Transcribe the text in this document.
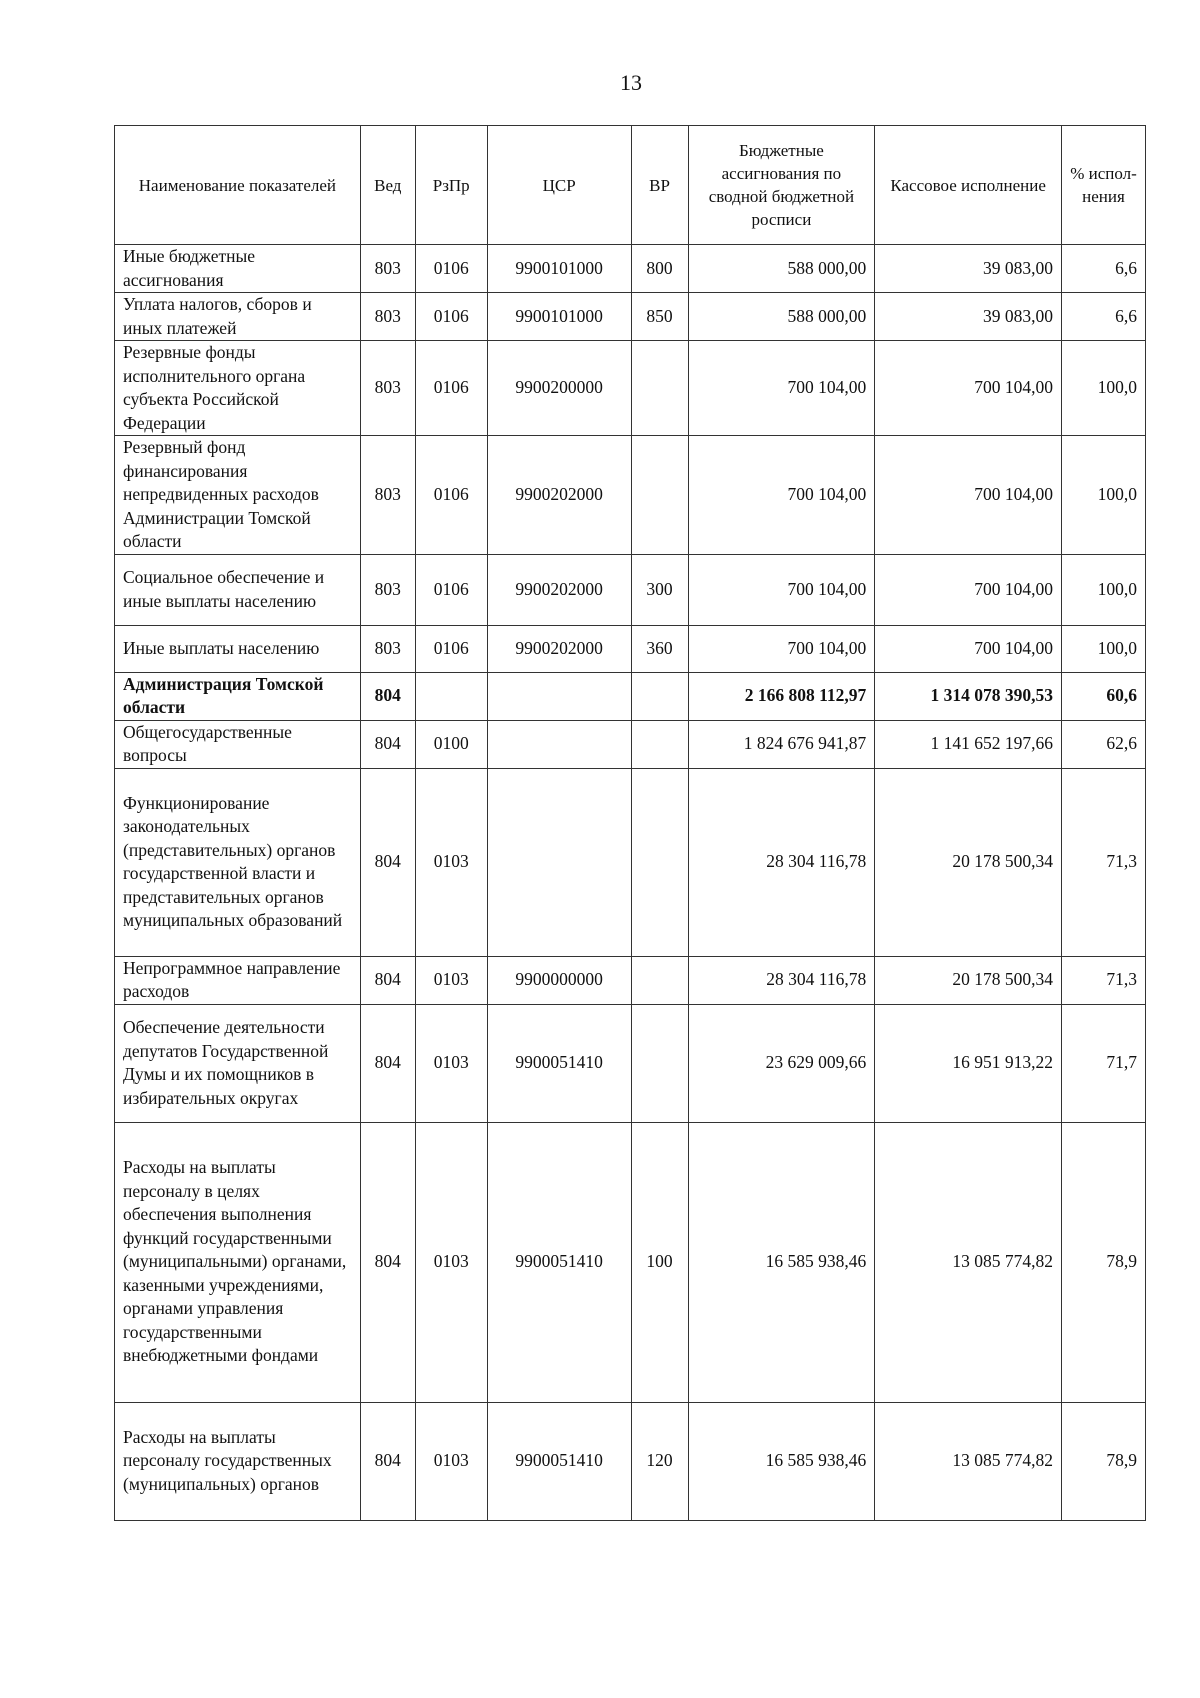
13
Наименование показателей	Вед	РзПр	ЦСР	ВР	Бюджетные ассигнования по сводной бюджетной росписи	Кассовое исполнение	% испол-нения
Иные бюджетные ассигнования	803	0106	9900101000	800	588 000,00	39 083,00	6,6
Уплата налогов, сборов и иных платежей	803	0106	9900101000	850	588 000,00	39 083,00	6,6
Резервные фонды исполнительного органа субъекта Российской Федерации	803	0106	9900200000		700 104,00	700 104,00	100,0
Резервный фонд финансирования непредвиденных расходов Администрации Томской области	803	0106	9900202000		700 104,00	700 104,00	100,0
Социальное обеспечение и иные выплаты населению	803	0106	9900202000	300	700 104,00	700 104,00	100,0
Иные выплаты населению	803	0106	9900202000	360	700 104,00	700 104,00	100,0
Администрация Томской области	804				2 166 808 112,97	1 314 078 390,53	60,6
Общегосударственные вопросы	804	0100			1 824 676 941,87	1 141 652 197,66	62,6
Функционирование законодательных (представительных) органов государственной власти и представительных органов муниципальных образований	804	0103			28 304 116,78	20 178 500,34	71,3
Непрограммное направление расходов	804	0103	9900000000		28 304 116,78	20 178 500,34	71,3
Обеспечение деятельности депутатов Государственной Думы и их помощников в избирательных округах	804	0103	9900051410		23 629 009,66	16 951 913,22	71,7
Расходы на выплаты персоналу в целях обеспечения выполнения функций государственными (муниципальными) органами, казенными учреждениями, органами управления государственными внебюджетными фондами	804	0103	9900051410	100	16 585 938,46	13 085 774,82	78,9
Расходы на выплаты персоналу государственных (муниципальных) органов	804	0103	9900051410	120	16 585 938,46	13 085 774,82	78,9
